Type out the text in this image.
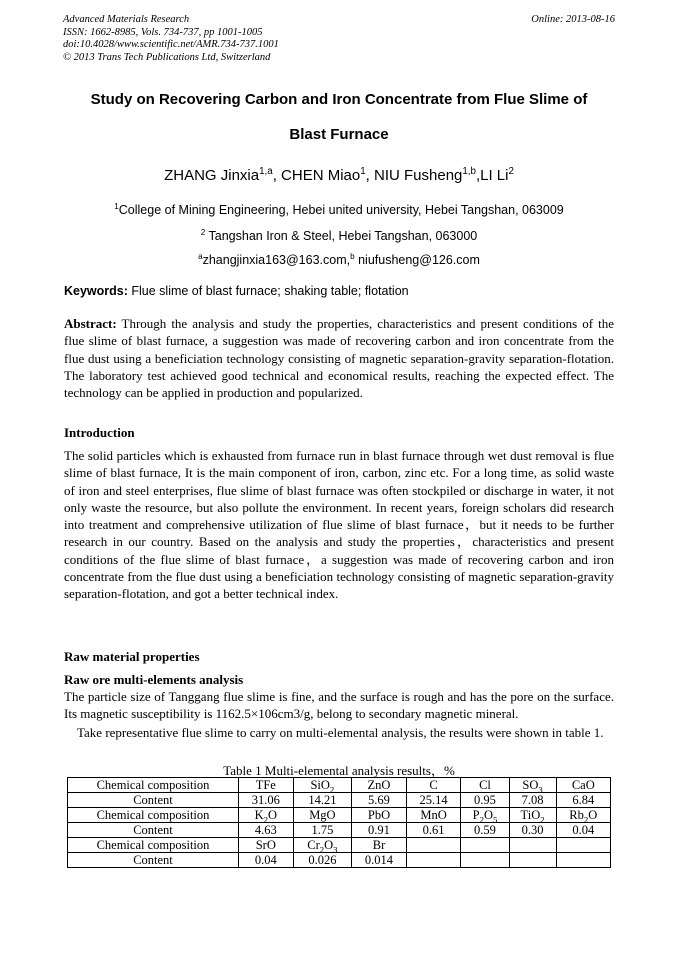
Advanced Materials Research
ISSN: 1662-8985, Vols. 734-737, pp 1001-1005
doi:10.4028/www.scientific.net/AMR.734-737.1001
© 2013 Trans Tech Publications Ltd, Switzerland
Online: 2013-08-16
Study on Recovering Carbon and Iron Concentrate from Flue Slime of
Blast Furnace
ZHANG Jinxia$^{1,a}$, CHEN Miao$^1$, NIU Fusheng$^{1,b}$,LI Li$^2$
$^1$College of Mining Engineering, Hebei united university, Hebei Tangshan, 063009
$^2$ Tangshan Iron & Steel, Hebei Tangshan, 063000
$^a$zhangjinxia163@163.com,$^b$ niufusheng@126.com
Keywords: Flue slime of blast furnace; shaking table; flotation
Abstract: Through the analysis and study the properties, characteristics and present conditions of the flue slime of blast furnace, a suggestion was made of recovering carbon and iron concentrate from the flue dust using a beneficiation technology consisting of magnetic separation-gravity separation-flotation. The laboratory test achieved good technical and economical results, reaching the expected effect. The technology can be applied in production and popularized.
Introduction
The solid particles which is exhausted from furnace run in blast furnace through wet dust removal is flue slime of blast furnace, It is the main component of iron, carbon, zinc etc. For a long time, as solid waste of iron and steel enterprises, flue slime of blast furnace was often stockpiled or discharge in water, it not only waste the resource, but also pollute the environment. In recent years, foreign scholars did research into treatment and comprehensive utilization of flue slime of blast furnace，but it needs to be further research in our country. Based on the analysis and study the properties，characteristics and present conditions of the flue slime of blast furnace，a suggestion was made of recovering carbon and iron concentrate from the flue dust using a beneficiation technology consisting of magnetic separation-gravity separation-flotation, and got a better technical index.
Raw material properties
Raw ore multi-elements analysis
The particle size of Tanggang flue slime is fine, and the surface is rough and has the pore on the surface. Its magnetic susceptibility is 1162.5×106cm3/g, belong to secondary magnetic mineral.
Take representative flue slime to carry on multi-elemental analysis, the results were shown in table 1.
Table 1 Multi-elemental analysis results，%
Chemical composition	TFe	SiO$_2$	ZnO	C	Cl	$SO_3$	CaO
Content	31.06	14.21	5.69	25.14	0.95	7.08	6.84
Chemical composition	$K_2O$	MgO	PbO	MnO	$P_2O_5$	TiO$_2$	$Rb_2O$
Content	4.63	1.75	0.91	0.61	0.59	0.30	0.04
Chemical composition	SrO	$Cr_2O_3$	Br				
Content	0.04	0.026	0.014				
